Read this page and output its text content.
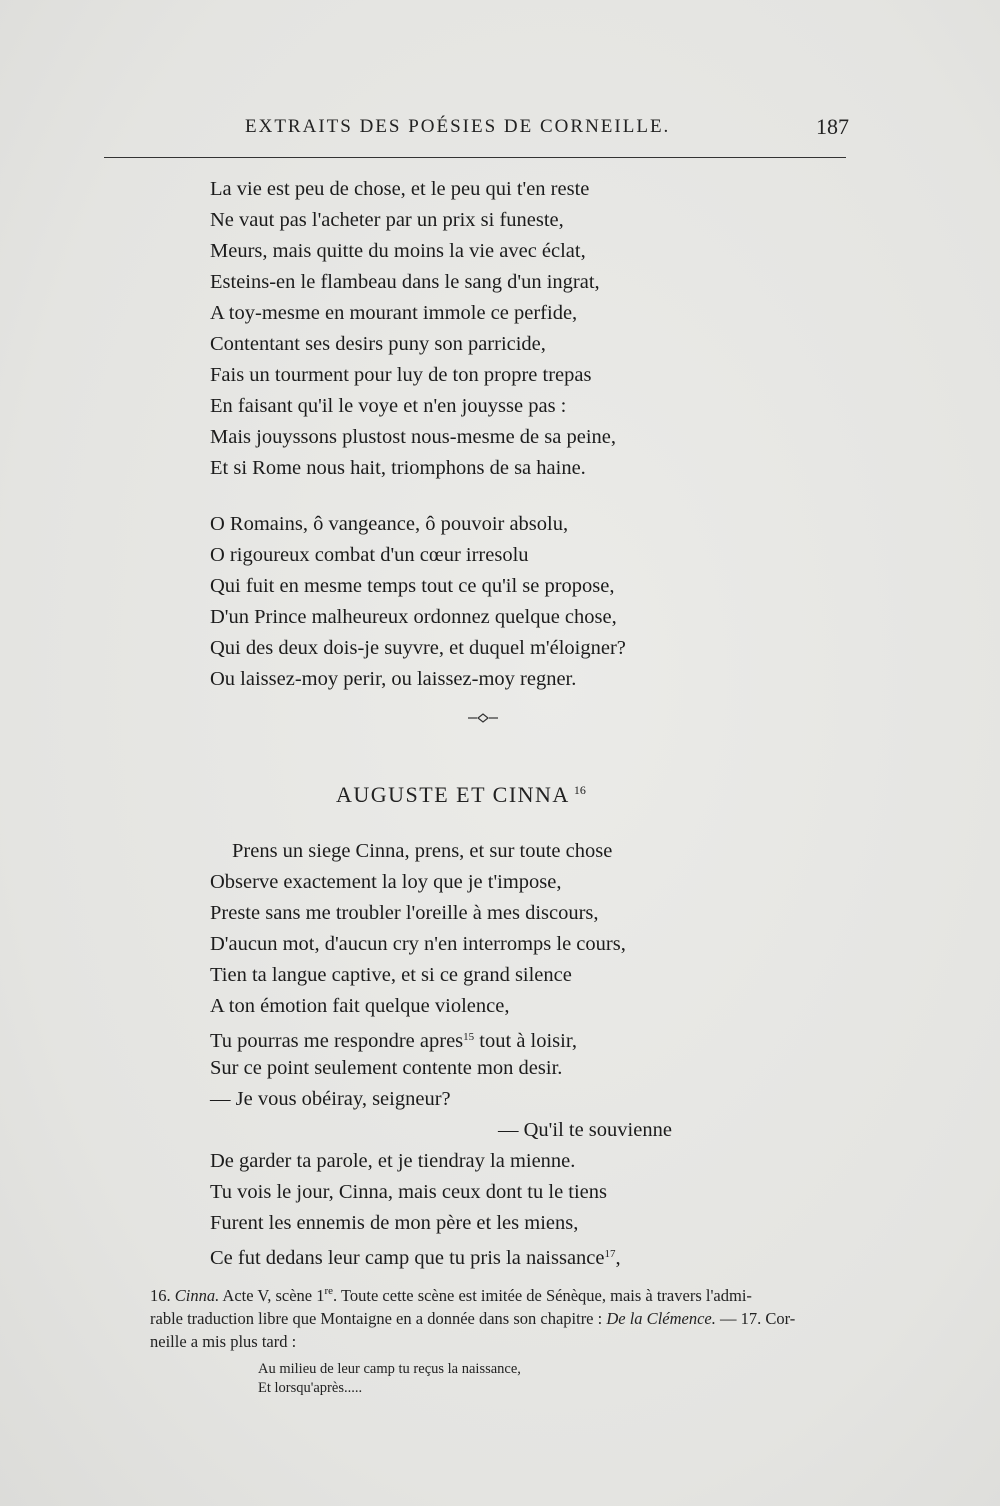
EXTRAITS DES POÉSIES DE CORNEILLE.	187
La vie est peu de chose, et le peu qui t'en reste
Ne vaut pas l'acheter par un prix si funeste,
Meurs, mais quitte du moins la vie avec éclat,
Esteins-en le flambeau dans le sang d'un ingrat,
A toy-mesme en mourant immole ce perfide,
Contentant ses desirs puny son parricide,
Fais un tourment pour luy de ton propre trepas
En faisant qu'il le voye et n'en jouysse pas :
Mais jouyssons plustost nous-mesme de sa peine,
Et si Rome nous hait, triomphons de sa haine.
O Romains, ô vangeance, ô pouvoir absolu,
O rigoureux combat d'un cœur irresolu
Qui fuit en mesme temps tout ce qu'il se propose,
D'un Prince malheureux ordonnez quelque chose,
Qui des deux dois-je suyvre, et duquel m'éloigner?
Ou laissez-moy perir, ou laissez-moy regner.
AUGUSTE ET CINNA $^{16}$
Prens un siege Cinna, prens, et sur toute chose
Observe exactement la loy que je t'impose,
Preste sans me troubler l'oreille à mes discours,
D'aucun mot, d'aucun cry n'en interromps le cours,
Tien ta langue captive, et si ce grand silence
A ton émotion fait quelque violence,
Tu pourras me respondre apres$^{15}$ tout à loisir,
Sur ce point seulement contente mon desir.
— Je vous obéiray, seigneur?
— Qu'il te souvienne
De garder ta parole, et je tiendray la mienne.
Tu vois le jour, Cinna, mais ceux dont tu le tiens
Furent les ennemis de mon père et les miens,
Ce fut dedans leur camp que tu pris la naissance$^{17}$,
16. Cinna. Acte V, scène 1re. Toute cette scène est imitée de Sénèque, mais à travers l'admi-
rable traduction libre que Montaigne en a donnée dans son chapitre : De la Clémence. — 17. Cor-
neille a mis plus tard :
Au milieu de leur camp tu reçus la naissance,
Et lorsqu'après.....
